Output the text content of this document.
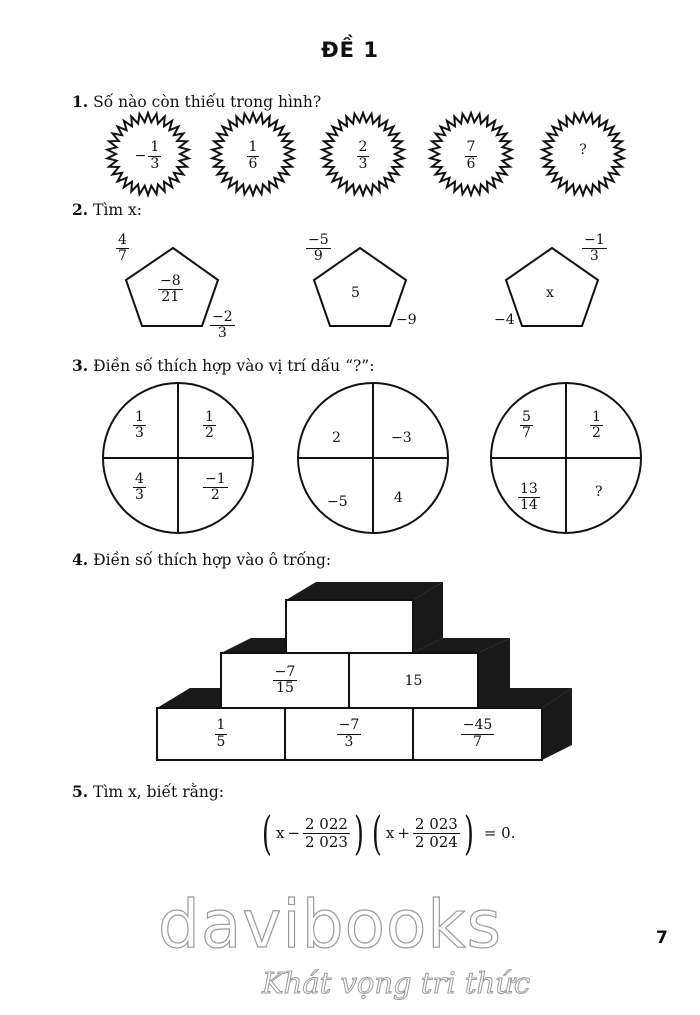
ĐỀ 1
1. Số nào còn thiếu trong hình?
− $\frac{1}{3}$	$\frac{1}{6}$	$\frac{2}{3}$	$\frac{7}{6}$	?
2. Tìm x:
$\frac{4}{7}$
$\frac{-8}{21}$
$\frac{-2}{3}$
$\frac{-5}{9}$
5
−9
$\frac{-1}{3}$
x
−4
3. Điền số thích hợp vào vị trí dấu “?”:
$\frac{1}{3}$	$\frac{1}{2}$
$\frac{4}{3}$	$\frac{-1}{2}$
2	−3
−5	4
$\frac{5}{7}$	$\frac{1}{2}$
$\frac{13}{14}$	?
4. Điền số thích hợp vào ô trống:
$\frac{-7}{15}$	15
$\frac{1}{5}$	$\frac{-7}{3}$	$\frac{-45}{7}$
5. Tìm x, biết rằng:
( $x - \frac{2 022}{2 023}$ ) ( $x + \frac{2 023}{2 024}$ ) = 0.
davibooks
Khát vọng tri thức
7
